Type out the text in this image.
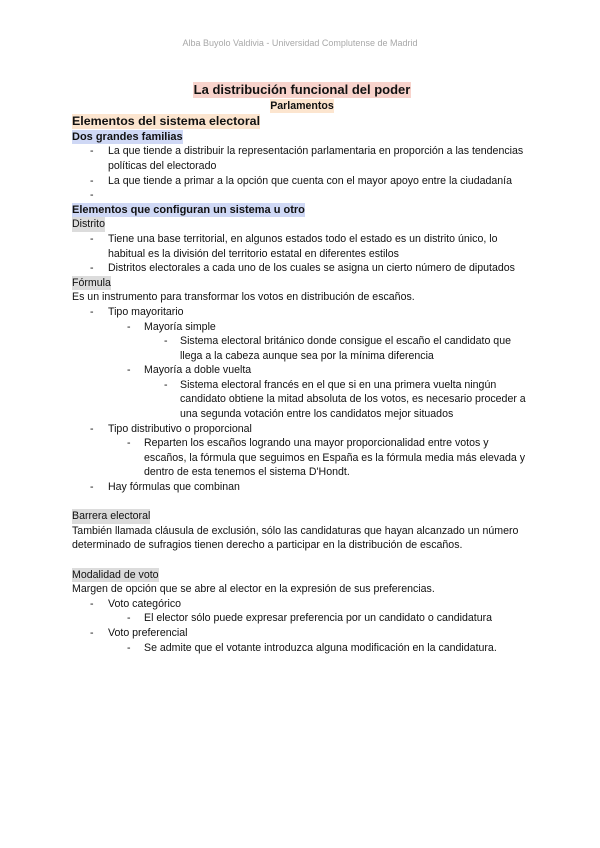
Alba Buyolo Valdivia - Universidad Complutense de Madrid
La distribución funcional del poder
Parlamentos
Elementos del sistema electoral
Dos grandes familias
- La que tiende a distribuir la representación parlamentaria en proporción a las tendencias políticas del electorado
- La que tiende a primar a la opción que cuenta con el mayor apoyo entre la ciudadanía
-
Elementos que configuran un sistema u otro
Distrito
- Tiene una base territorial, en algunos estados todo el estado es un distrito único, lo habitual es la división del territorio estatal en diferentes estilos
- Distritos electorales a cada uno de los cuales se asigna un cierto número de diputados
Fórmula

Es un instrumento para transformar los votos en distribución de escaños.

- Tipo mayoritario
- Mayoría simple
- Sistema electoral británico donde consigue el escaño el candidato que llega a la cabeza aunque sea por la mínima diferencia
- Mayoría a doble vuelta
- Sistema electoral francés en el que si en una primera vuelta ningún candidato obtiene la mitad absoluta de los votos, es necesario proceder a una segunda votación entre los candidatos mejor situados
- Tipo distributivo o proporcional
- Reparten los escaños logrando una mayor proporcionalidad entre votos y escaños, la fórmula que seguimos en España es la fórmula media más elevada y dentro de esta tenemos el sistema D'Hondt.
- Hay fórmulas que combinan
Barrera electoral

También llamada cláusula de exclusión, sólo las candidaturas que hayan alcanzado un número determinado de sufragios tienen derecho a participar en la distribución de escaños.

Modalidad de voto

Margen de opción que se abre al elector en la expresión de sus preferencias.

- Voto categórico
- El elector sólo puede expresar preferencia por un candidato o candidatura
- Voto preferencial
- Se admite que el votante introduzca alguna modificación en la candidatura.
